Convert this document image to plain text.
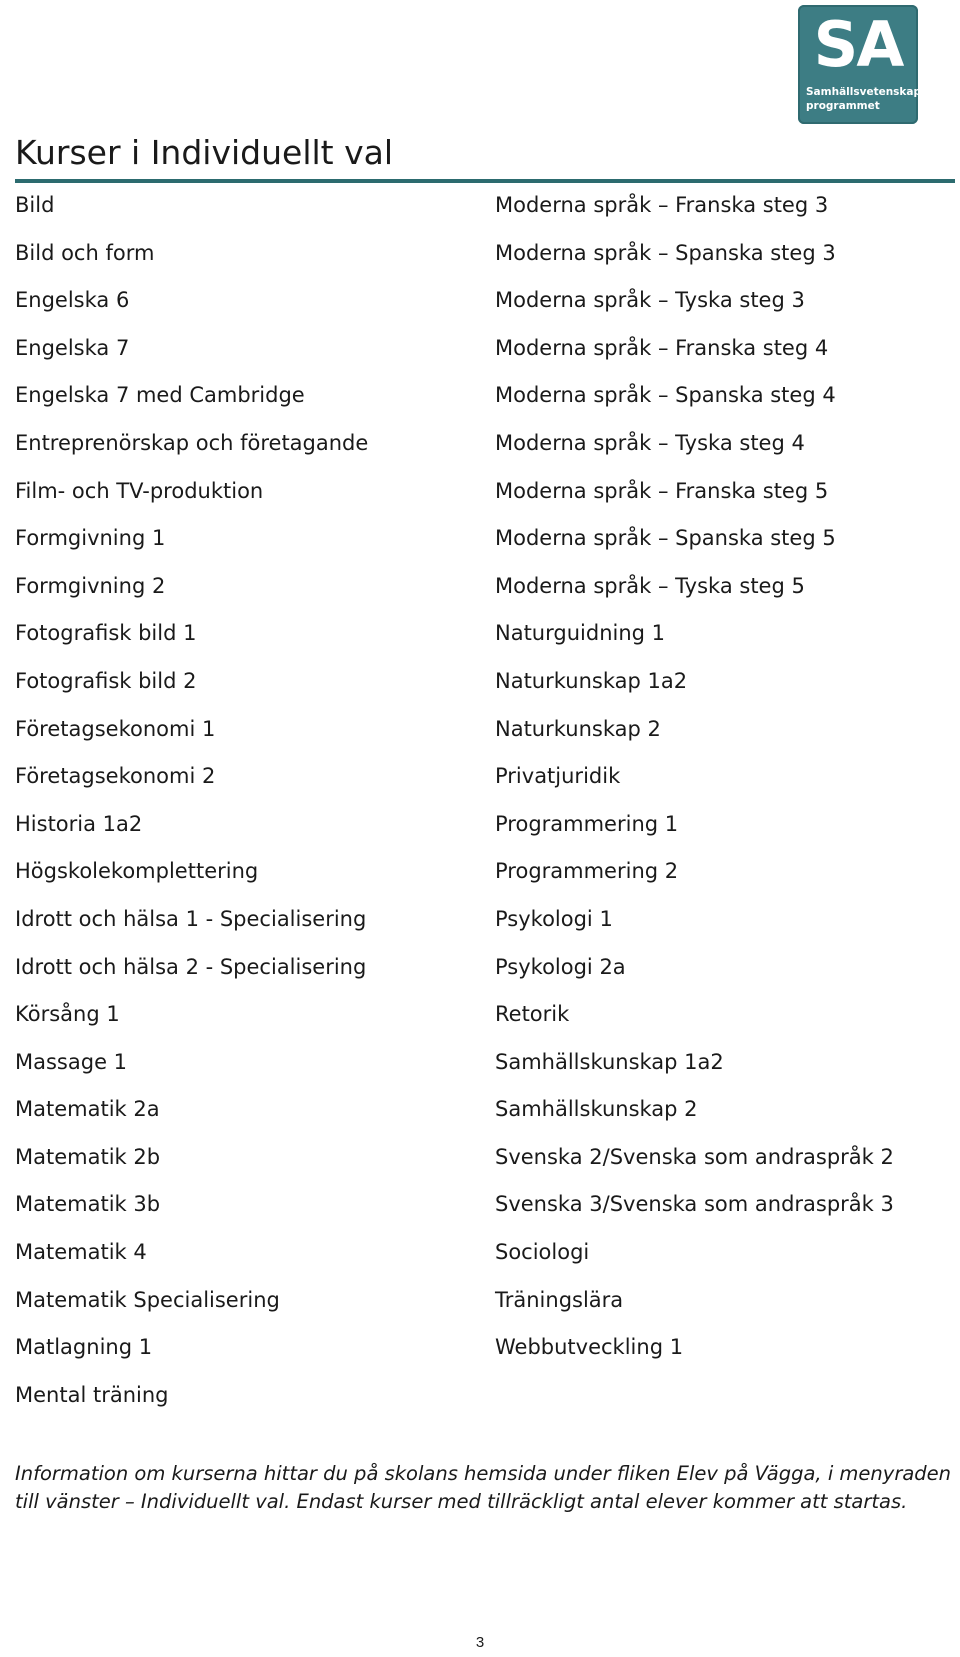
SA
Samhällsvetenskaps-
programmet
Kurser i Individuellt val
Bild
Bild och form
Engelska 6
Engelska 7
Engelska 7 med Cambridge
Entreprenörskap och företagande
Film- och TV-produktion
Formgivning 1
Formgivning 2
Fotografisk bild 1
Fotografisk bild 2
Företagsekonomi 1
Företagsekonomi 2
Historia 1a2
Högskolekomplettering
Idrott och hälsa 1 - Specialisering
Idrott och hälsa 2 - Specialisering
Körsång 1
Massage 1
Matematik 2a
Matematik 2b
Matematik 3b
Matematik 4
Matematik Specialisering
Matlagning 1
Mental träning
Moderna språk – Franska steg 3
Moderna språk – Spanska steg 3
Moderna språk – Tyska steg 3
Moderna språk – Franska steg 4
Moderna språk – Spanska steg 4
Moderna språk – Tyska steg 4
Moderna språk – Franska steg 5
Moderna språk – Spanska steg 5
Moderna språk – Tyska steg 5
Naturguidning 1
Naturkunskap 1a2
Naturkunskap 2
Privatjuridik
Programmering 1
Programmering 2
Psykologi 1
Psykologi 2a
Retorik
Samhällskunskap 1a2
Samhällskunskap 2
Svenska 2/Svenska som andraspråk 2
Svenska 3/Svenska som andraspråk 3
Sociologi
Träningslära
Webbutveckling 1

Information om kurserna hittar du på skolans hemsida under fliken Elev på Vägga, i menyraden till vänster – Individuellt val. Endast kurser med tillräckligt antal elever kommer att startas.

3
